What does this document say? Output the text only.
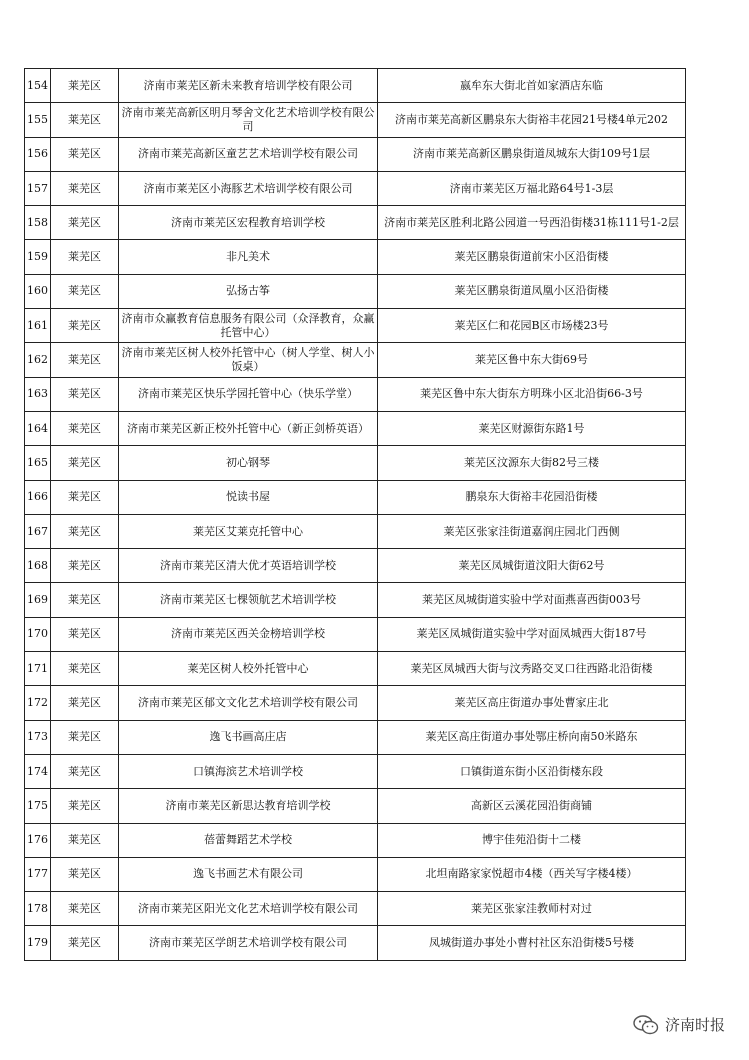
154	莱芜区	济南市莱芜区新未来教育培训学校有限公司	嬴牟东大街北首如家酒店东临
155	莱芜区	济南市莱芜高新区明月琴舍文化艺术培训学校有限公司	济南市莱芜高新区鹏泉东大街裕丰花园21号楼4单元202
156	莱芜区	济南市莱芜高新区童艺艺术培训学校有限公司	济南市莱芜高新区鹏泉街道凤城东大街109号1层
157	莱芜区	济南市莱芜区小海豚艺术培训学校有限公司	济南市莱芜区万福北路64号1-3层
158	莱芜区	济南市莱芜区宏程教育培训学校	济南市莱芜区胜利北路公园道一号西沿街楼31栋111号1-2层
159	莱芜区	非凡美术	莱芜区鹏泉街道前宋小区沿街楼
160	莱芜区	弘扬古筝	莱芜区鹏泉街道凤凰小区沿街楼
161	莱芜区	济南市众赢教育信息服务有限公司（众泽教育，众赢托管中心）	莱芜区仁和花园B区市场楼23号
162	莱芜区	济南市莱芜区树人校外托管中心（树人学堂、树人小饭桌）	莱芜区鲁中东大街69号
163	莱芜区	济南市莱芜区快乐学园托管中心（快乐学堂）	莱芜区鲁中东大街东方明珠小区北沿街66-3号
164	莱芜区	济南市莱芜区新正校外托管中心（新正剑桥英语）	莱芜区财源街东路1号
165	莱芜区	初心钢琴	莱芜区汶源东大街82号三楼
166	莱芜区	悦读书屋	鹏泉东大街裕丰花园沿街楼
167	莱芜区	莱芜区艾莱克托管中心	莱芜区张家洼街道嘉润庄园北门西侧
168	莱芜区	济南市莱芜区清大优才英语培训学校	莱芜区凤城街道汶阳大街62号
169	莱芜区	济南市莱芜区七棵领航艺术培训学校	莱芜区凤城街道实验中学对面燕喜西街003号
170	莱芜区	济南市莱芜区西关金榜培训学校	莱芜区凤城街道实验中学对面凤城西大街187号
171	莱芜区	莱芜区树人校外托管中心	莱芜区凤城西大街与汶秀路交叉口往西路北沿街楼
172	莱芜区	济南市莱芜区郁文文化艺术培训学校有限公司	莱芜区高庄街道办事处曹家庄北
173	莱芜区	逸飞书画高庄店	莱芜区高庄街道办事处鄂庄桥向南50米路东
174	莱芜区	口镇海滨艺术培训学校	口镇街道东街小区沿街楼东段
175	莱芜区	济南市莱芜区新思达教育培训学校	高新区云溪花园沿街商铺
176	莱芜区	蓓蕾舞蹈艺术学校	博宇佳苑沿街十二楼
177	莱芜区	逸飞书画艺术有限公司	北坦南路家家悦超市4楼（西关写字楼4楼）
178	莱芜区	济南市莱芜区阳光文化艺术培训学校有限公司	莱芜区张家洼教师村对过
179	莱芜区	济南市莱芜区学朗艺术培训学校有限公司	凤城街道办事处小曹村社区东沿街楼5号楼
济南时报
